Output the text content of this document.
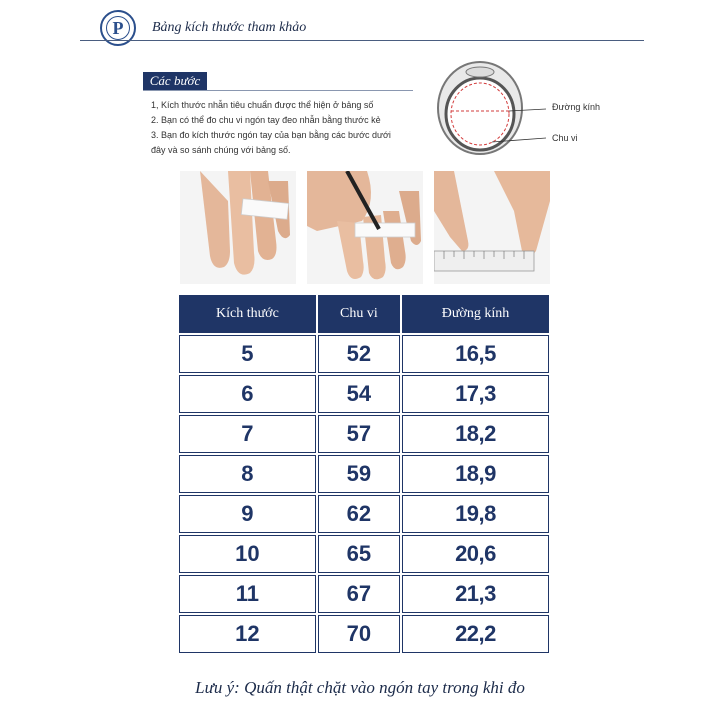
P	Bảng kích thước tham khảo
Các bước
1, Kích thước nhẫn tiêu chuẩn được thể hiện ở bảng số
2. Bạn có thể đo chu vi ngón tay đeo nhẫn bằng thước kẻ
3. Bạn đo kích thước ngón tay của bạn bằng các bước dưới
đây và so sánh chúng với bảng số.
Đường kính
Chu vi
Kích thước	Chu vi	Đường kính
5	52	16,5
6	54	17,3
7	57	18,2
8	59	18,9
9	62	19,8
10	65	20,6
11	67	21,3
12	70	22,2
Lưu ý: Quấn thật chặt vào ngón tay trong khi đo
